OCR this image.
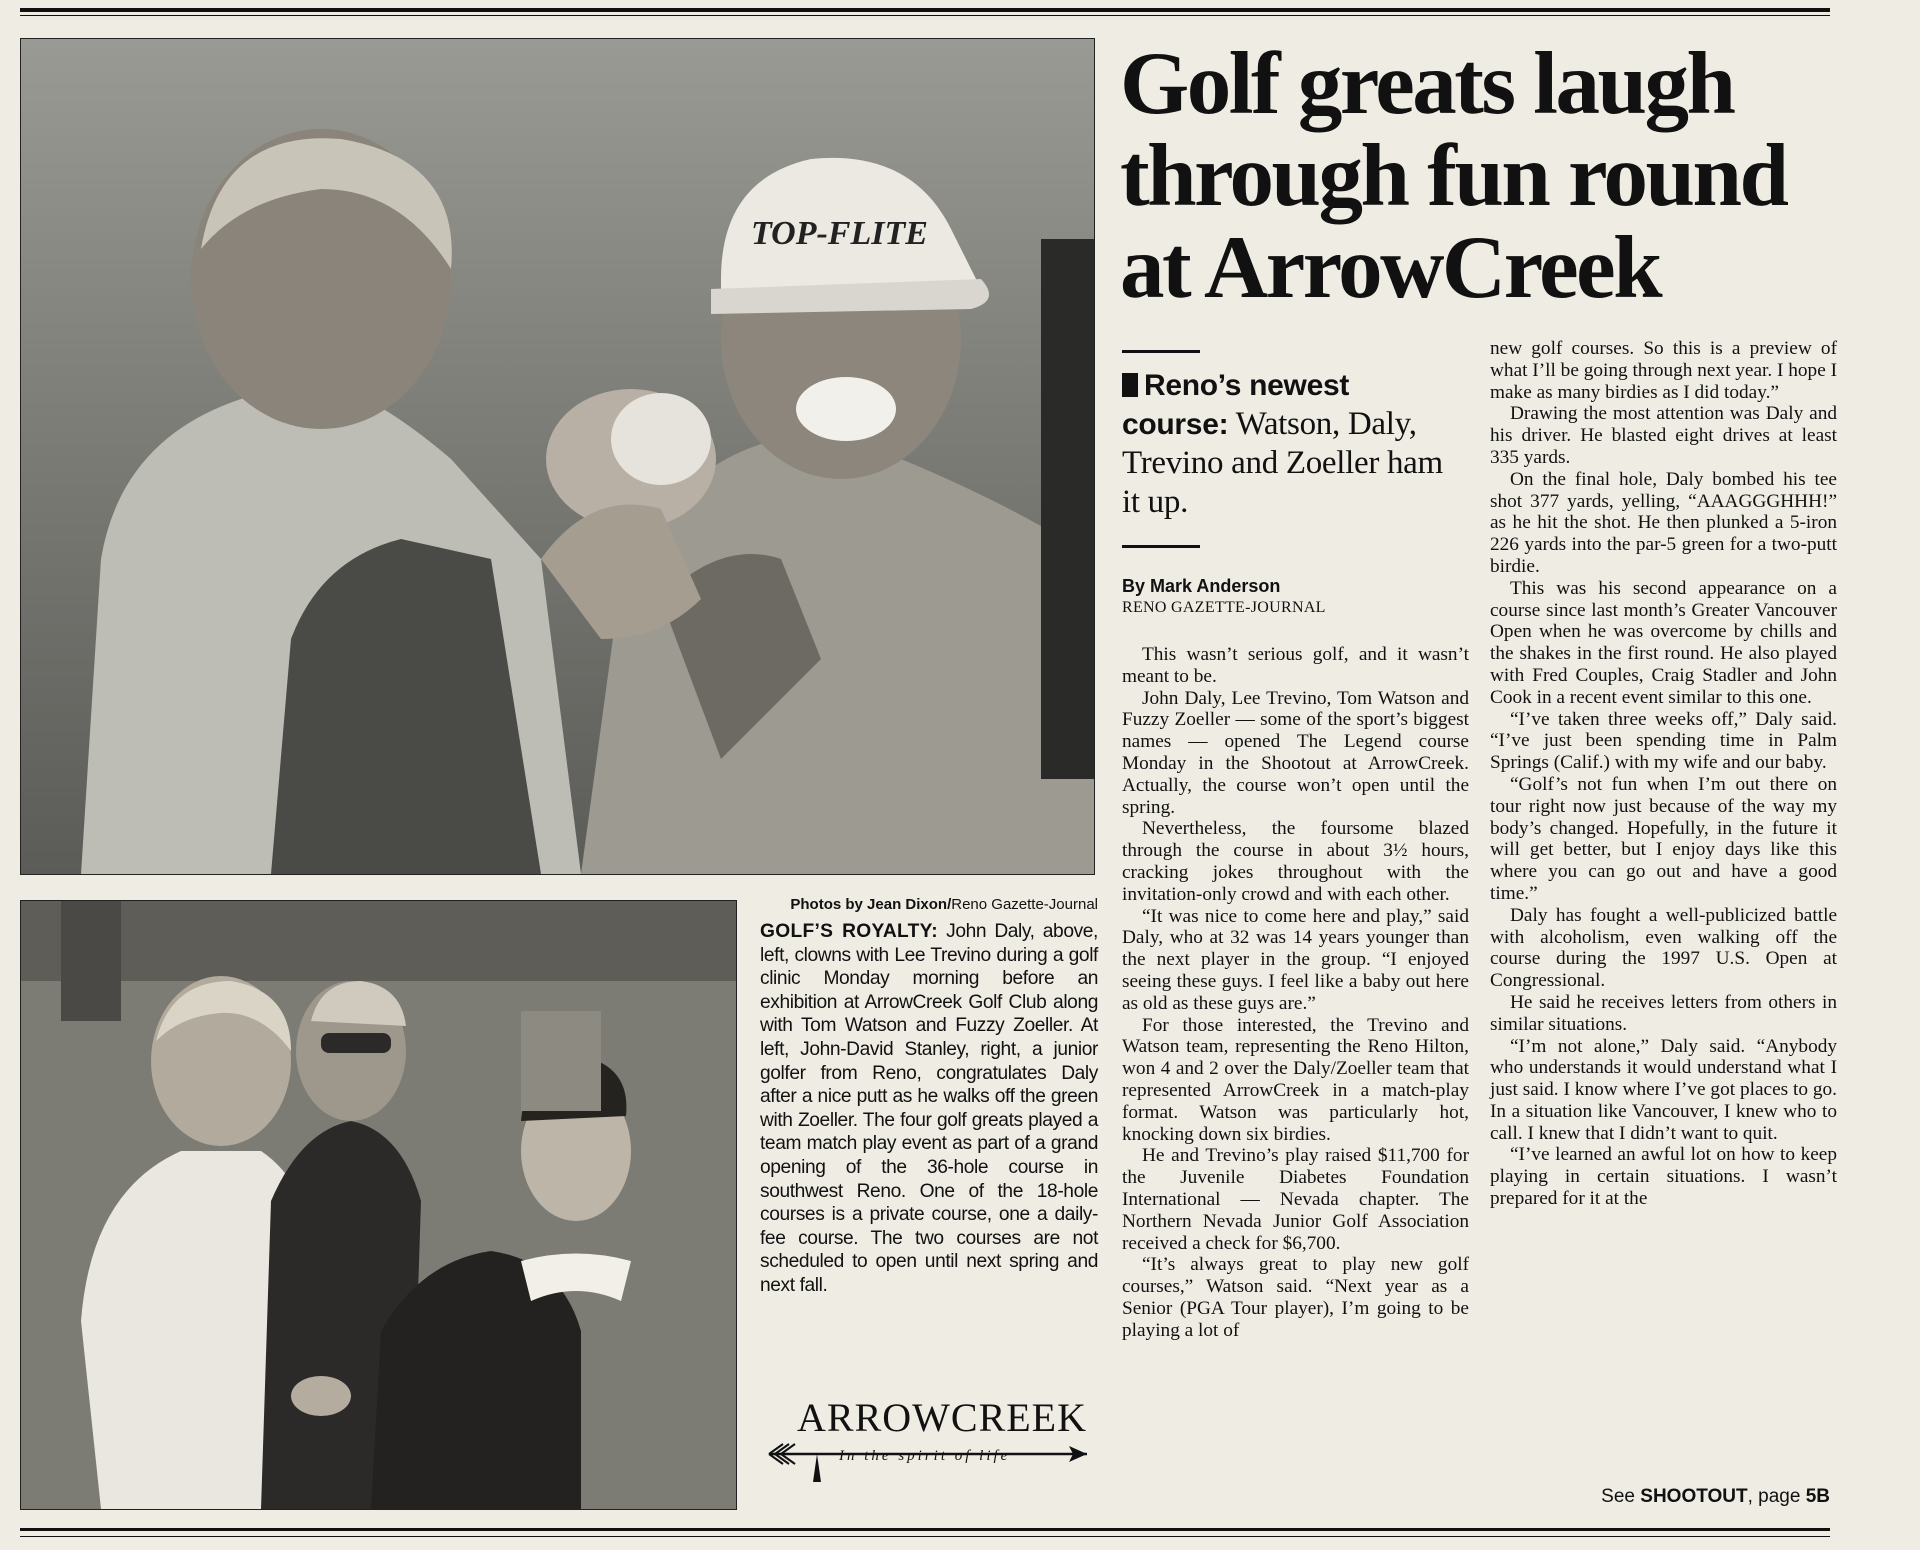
TOP-FLITE
Photos by Jean Dixon/Reno Gazette-Journal
GOLF’S ROYALTY: John Daly, above, left, clowns with Lee Trevino during a golf clinic Monday morning before an exhibition at ArrowCreek Golf Club along with Tom Watson and Fuzzy Zoeller. At left, John-David Stanley, right, a junior golfer from Reno, congratulates Daly after a nice putt as he walks off the green with Zoeller. The four golf greats played a team match play event as part of a grand opening of the 36-hole course in southwest Reno. One of the 18-hole courses is a private course, one a daily-fee course. The two courses are not scheduled to open until next spring and next fall.
ARROWCREEK
In the spirit of life
Golf greats laugh through fun round at ArrowCreek
Reno’s newest course: Watson, Daly, Trevino and Zoeller ham it up.
By Mark Anderson
RENO GAZETTE-JOURNAL

This wasn’t serious golf, and it wasn’t meant to be.

John Daly, Lee Trevino, Tom Watson and Fuzzy Zoeller — some of the sport’s biggest names — opened The Legend course Monday in the Shootout at ArrowCreek. Actually, the course won’t open until the spring.

Nevertheless, the foursome blazed through the course in about 3½ hours, cracking jokes throughout with the invitation-only crowd and with each other.

“It was nice to come here and play,” said Daly, who at 32 was 14 years younger than the next player in the group. “I enjoyed seeing these guys. I feel like a baby out here as old as these guys are.”

For those interested, the Trevino and Watson team, representing the Reno Hilton, won 4 and 2 over the Daly/Zoeller team that represented ArrowCreek in a match-play format. Watson was particularly hot, knocking down six birdies.

He and Trevino’s play raised $11,700 for the Juvenile Diabetes Foundation International — Nevada chapter. The Northern Nevada Junior Golf Association received a check for $6,700.

“It’s always great to play new golf courses,” Watson said. “Next year as a Senior (PGA Tour player), I’m going to be playing a lot of

new golf courses. So this is a preview of what I’ll be going through next year. I hope I make as many birdies as I did today.”

Drawing the most attention was Daly and his driver. He blasted eight drives at least 335 yards.

On the final hole, Daly bombed his tee shot 377 yards, yelling, “AAAGGGHHH!” as he hit the shot. He then plunked a 5-iron 226 yards into the par-5 green for a two-putt birdie.

This was his second appearance on a course since last month’s Greater Vancouver Open when he was overcome by chills and the shakes in the first round. He also played with Fred Couples, Craig Stadler and John Cook in a recent event similar to this one.

“I’ve taken three weeks off,” Daly said. “I’ve just been spending time in Palm Springs (Calif.) with my wife and our baby.

“Golf’s not fun when I’m out there on tour right now just because of the way my body’s changed. Hopefully, in the future it will get better, but I enjoy days like this where you can go out and have a good time.”

Daly has fought a well-publicized battle with alcoholism, even walking off the course during the 1997 U.S. Open at Congressional.

He said he receives letters from others in similar situations.

“I’m not alone,” Daly said. “Anybody who understands it would understand what I just said. I know where I’ve got places to go. In a situation like Vancouver, I knew who to call. I knew that I didn’t want to quit.

“I’ve learned an awful lot on how to keep playing in certain situations. I wasn’t prepared for it at the

See SHOOTOUT, page 5B
